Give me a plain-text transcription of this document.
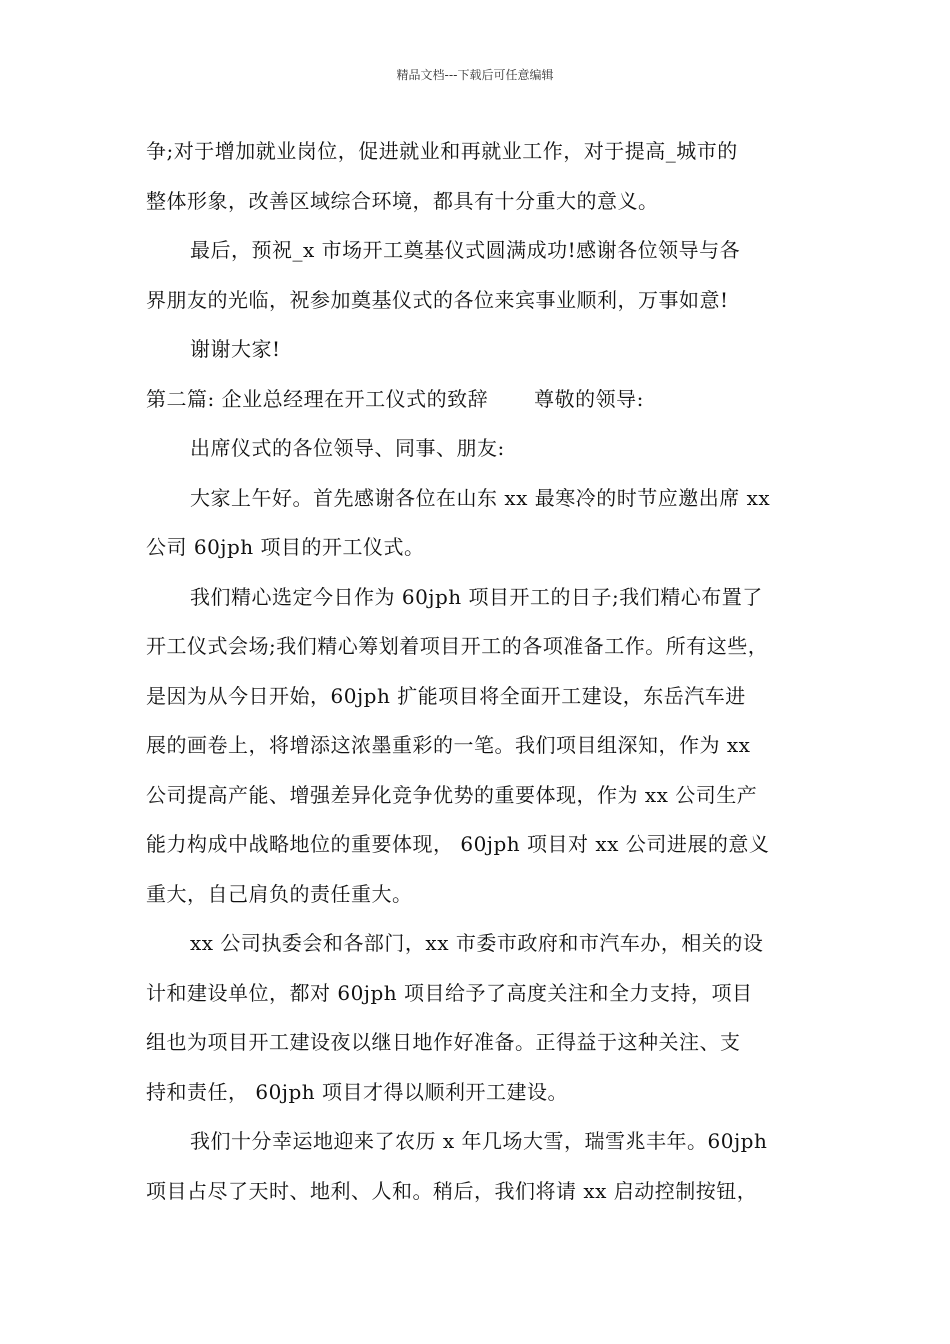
精品文档---下载后可任意编辑
争;对于增加就业岗位，促进就业和再就业工作，对于提高_城市的
整体形象，改善区域综合环境，都具有十分重大的意义。
最后，预祝_x 市场开工奠基仪式圆满成功!感谢各位领导与各
界朋友的光临，祝参加奠基仪式的各位来宾事业顺利，万事如意!
谢谢大家!
第二篇: 企业总经理在开工仪式的致辞 尊敬的领导:
出席仪式的各位领导、同事、朋友:
大家上午好。首先感谢各位在山东 xx 最寒冷的时节应邀出席 xx
公司 60jph 项目的开工仪式。
我们精心选定今日作为 60jph 项目开工的日子;我们精心布置了
开工仪式会场;我们精心筹划着项目开工的各项准备工作。所有这些，
是因为从今日开始，60jph 扩能项目将全面开工建设，东岳汽车进
展的画卷上，将增添这浓墨重彩的一笔。我们项目组深知，作为 xx
公司提高产能、增强差异化竞争优势的重要体现，作为 xx 公司生产
能力构成中战略地位的重要体现， 60jph 项目对 xx 公司进展的意义
重大，自己肩负的责任重大。
xx 公司执委会和各部门，xx 市委市政府和市汽车办，相关的设
计和建设单位，都对 60jph 项目给予了高度关注和全力支持，项目
组也为项目开工建设夜以继日地作好准备。正得益于这种关注、支
持和责任， 60jph 项目才得以顺利开工建设。
我们十分幸运地迎来了农历 x 年几场大雪，瑞雪兆丰年。60jph
项目占尽了天时、地利、人和。稍后，我们将请 xx 启动控制按钮，
